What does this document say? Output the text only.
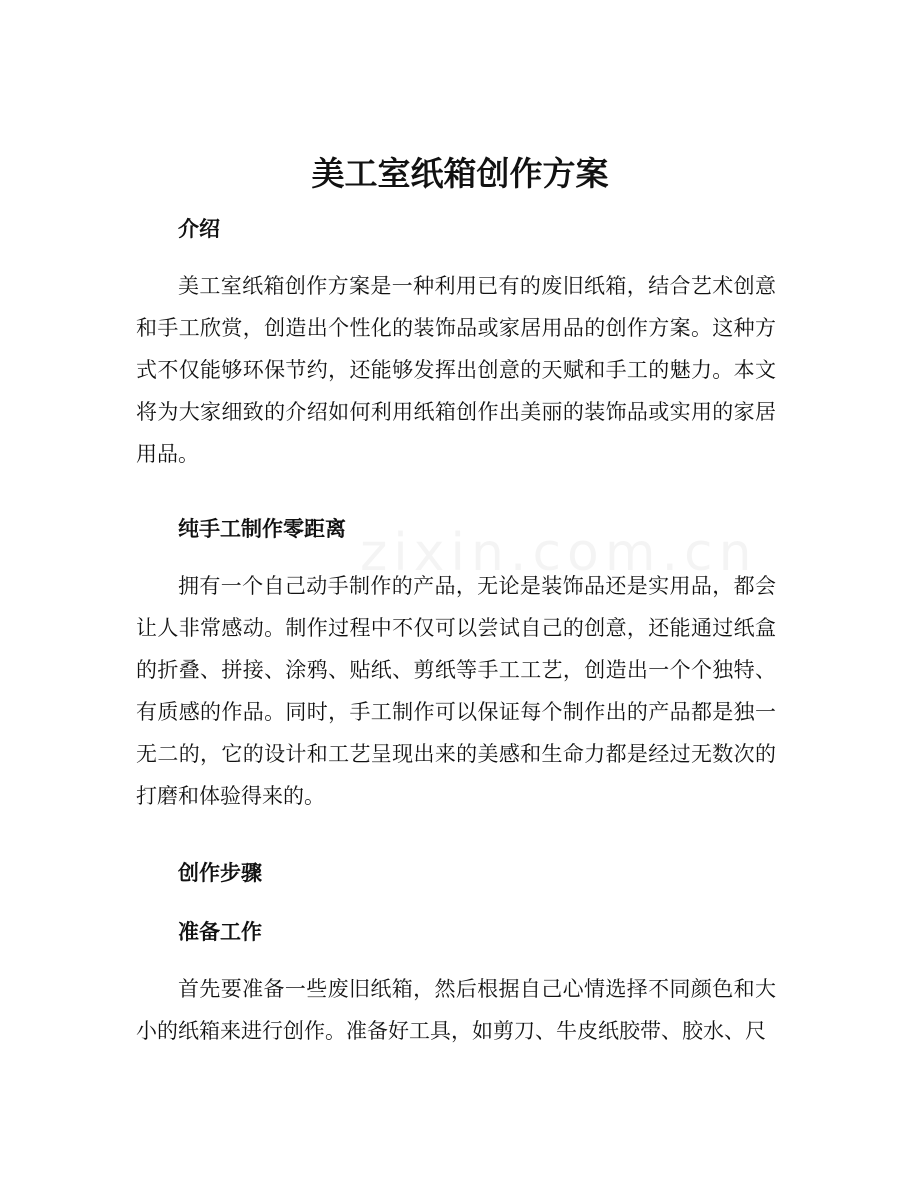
美工室纸箱创作方案
介绍

美工室纸箱创作方案是一种利用已有的废旧纸箱，结合艺术创意和手工欣赏，创造出个性化的装饰品或家居用品的创作方案。这种方式不仅能够环保节约，还能够发挥出创意的天赋和手工的魅力。本文将为大家细致的介绍如何利用纸箱创作出美丽的装饰品或实用的家居用品。

纯手工制作零距离

拥有一个自己动手制作的产品，无论是装饰品还是实用品，都会让人非常感动。制作过程中不仅可以尝试自己的创意，还能通过纸盒的折叠、拼接、涂鸦、贴纸、剪纸等手工工艺，创造出一个个独特、有质感的作品。同时，手工制作可以保证每个制作出的产品都是独一无二的，它的设计和工艺呈现出来的美感和生命力都是经过无数次的打磨和体验得来的。

创作步骤
准备工作

首先要准备一些废旧纸箱，然后根据自己心情选择不同颜色和大小的纸箱来进行创作。准备好工具，如剪刀、牛皮纸胶带、胶水、尺
